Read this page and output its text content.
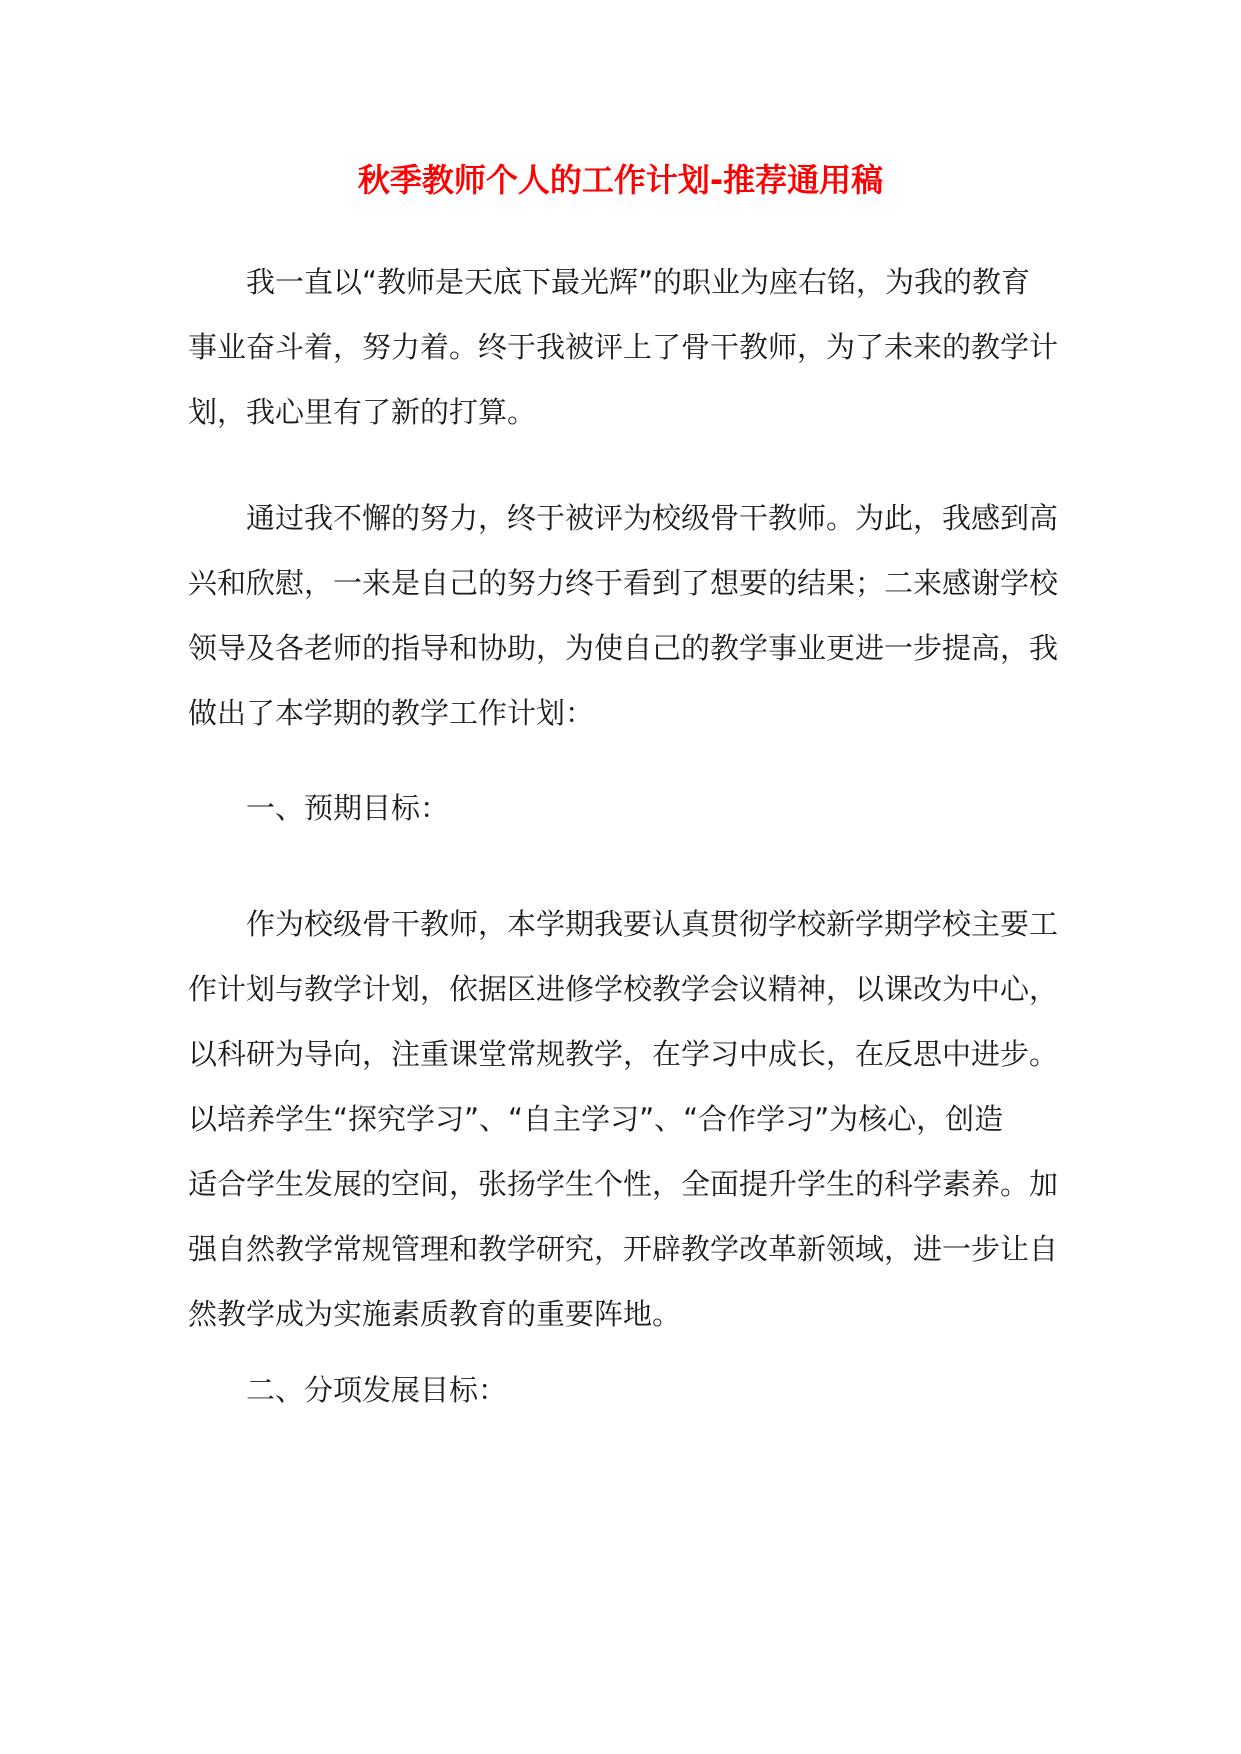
秋季教师个人的工作计划-推荐通用稿

我一直以“教师是天底下最光辉”的职业为座右铭，为我的教育
事业奋斗着，努力着。终于我被评上了骨干教师，为了未来的教学计
划，我心里有了新的打算。

通过我不懈的努力，终于被评为校级骨干教师。为此，我感到高
兴和欣慰，一来是自己的努力终于看到了想要的结果；二来感谢学校
领导及各老师的指导和协助，为使自己的教学事业更进一步提高，我
做出了本学期的教学工作计划：

一、预期目标：

作为校级骨干教师，本学期我要认真贯彻学校新学期学校主要工
作计划与教学计划，依据区进修学校教学会议精神，以课改为中心，
以科研为导向，注重课堂常规教学，在学习中成长，在反思中进步。
以培养学生“探究学习”、“自主学习”、“合作学习”为核心，创造
适合学生发展的空间，张扬学生个性，全面提升学生的科学素养。加
强自然教学常规管理和教学研究，开辟教学改革新领域，进一步让自
然教学成为实施素质教育的重要阵地。

二、分项发展目标：
